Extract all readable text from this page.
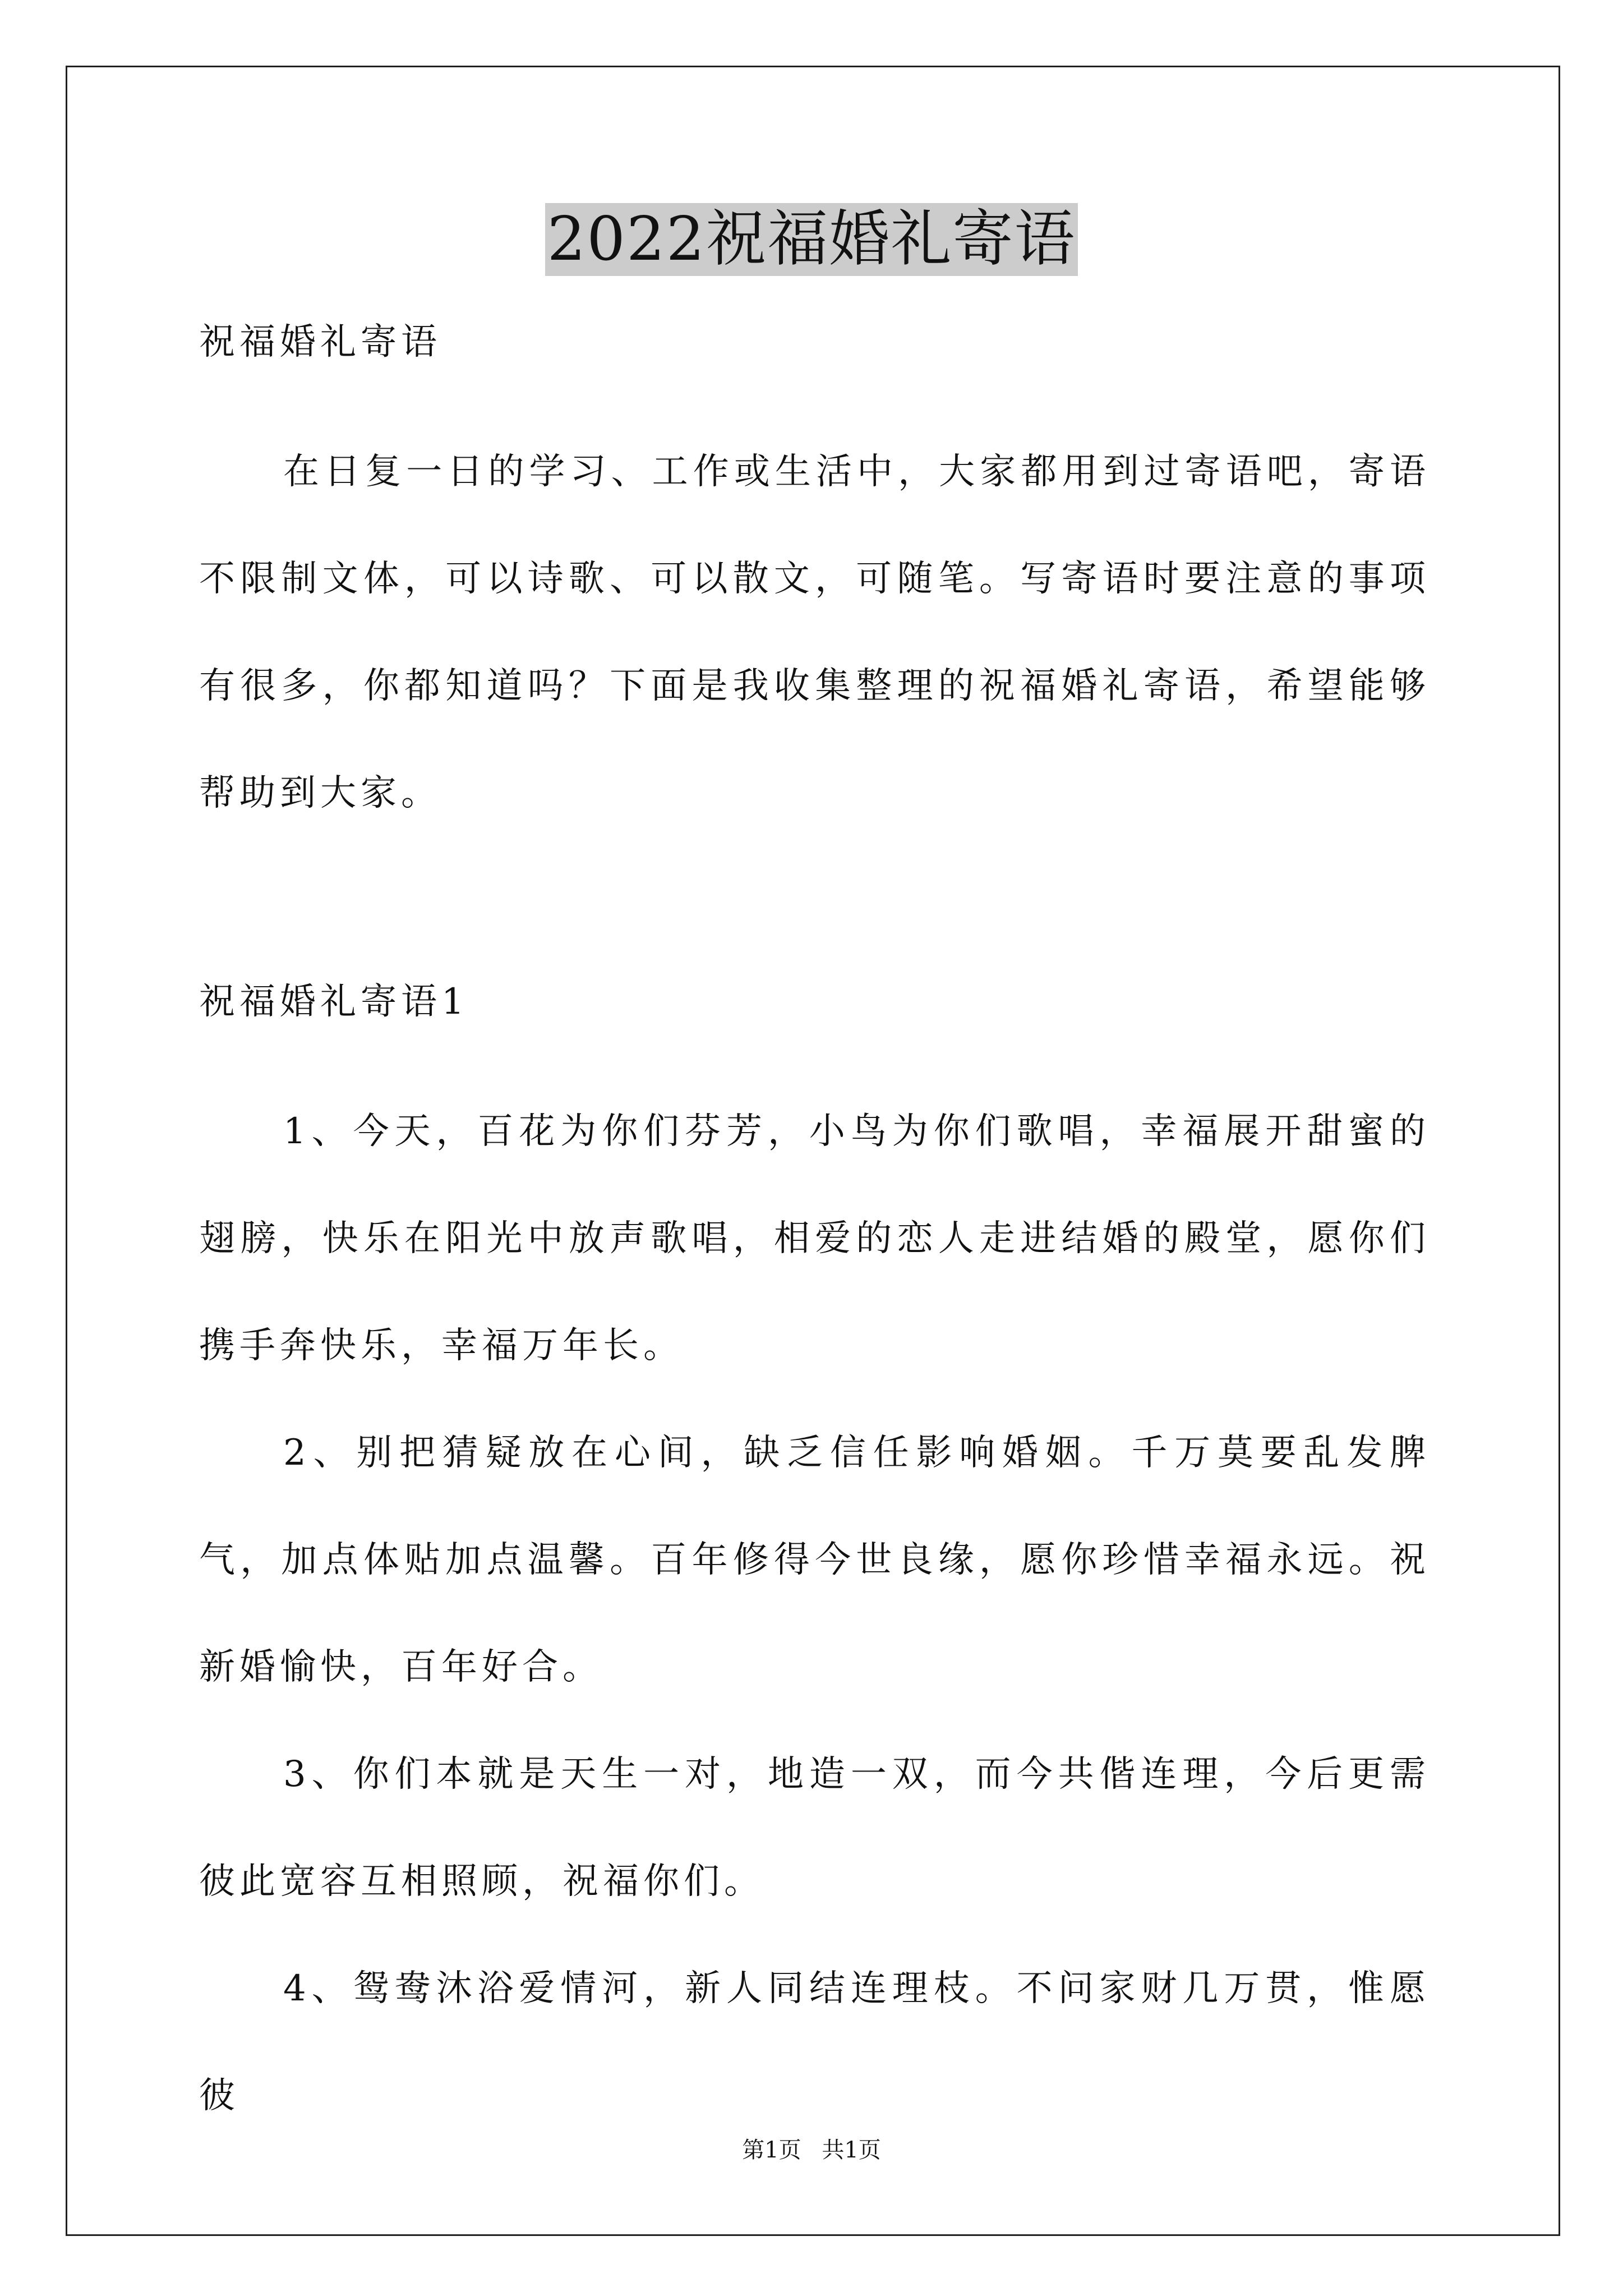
2022祝福婚礼寄语

祝福婚礼寄语

在日复一日的学习、工作或生活中，大家都用到过寄语吧，寄语不限制文体，可以诗歌、可以散文，可随笔。写寄语时要注意的事项有很多，你都知道吗？下面是我收集整理的祝福婚礼寄语，希望能够帮助到大家。

祝福婚礼寄语1

1、今天，百花为你们芬芳，小鸟为你们歌唱，幸福展开甜蜜的翅膀，快乐在阳光中放声歌唱，相爱的恋人走进结婚的殿堂，愿你们携手奔快乐，幸福万年长。

2、别把猜疑放在心间，缺乏信任影响婚姻。千万莫要乱发脾气，加点体贴加点温馨。百年修得今世良缘，愿你珍惜幸福永远。祝新婚愉快，百年好合。

3、你们本就是天生一对，地造一双，而今共偕连理，今后更需彼此宽容互相照顾，祝福你们。

4、鸳鸯沐浴爱情河，新人同结连理枝。不问家财几万贯，惟愿彼

第1页 共1页
